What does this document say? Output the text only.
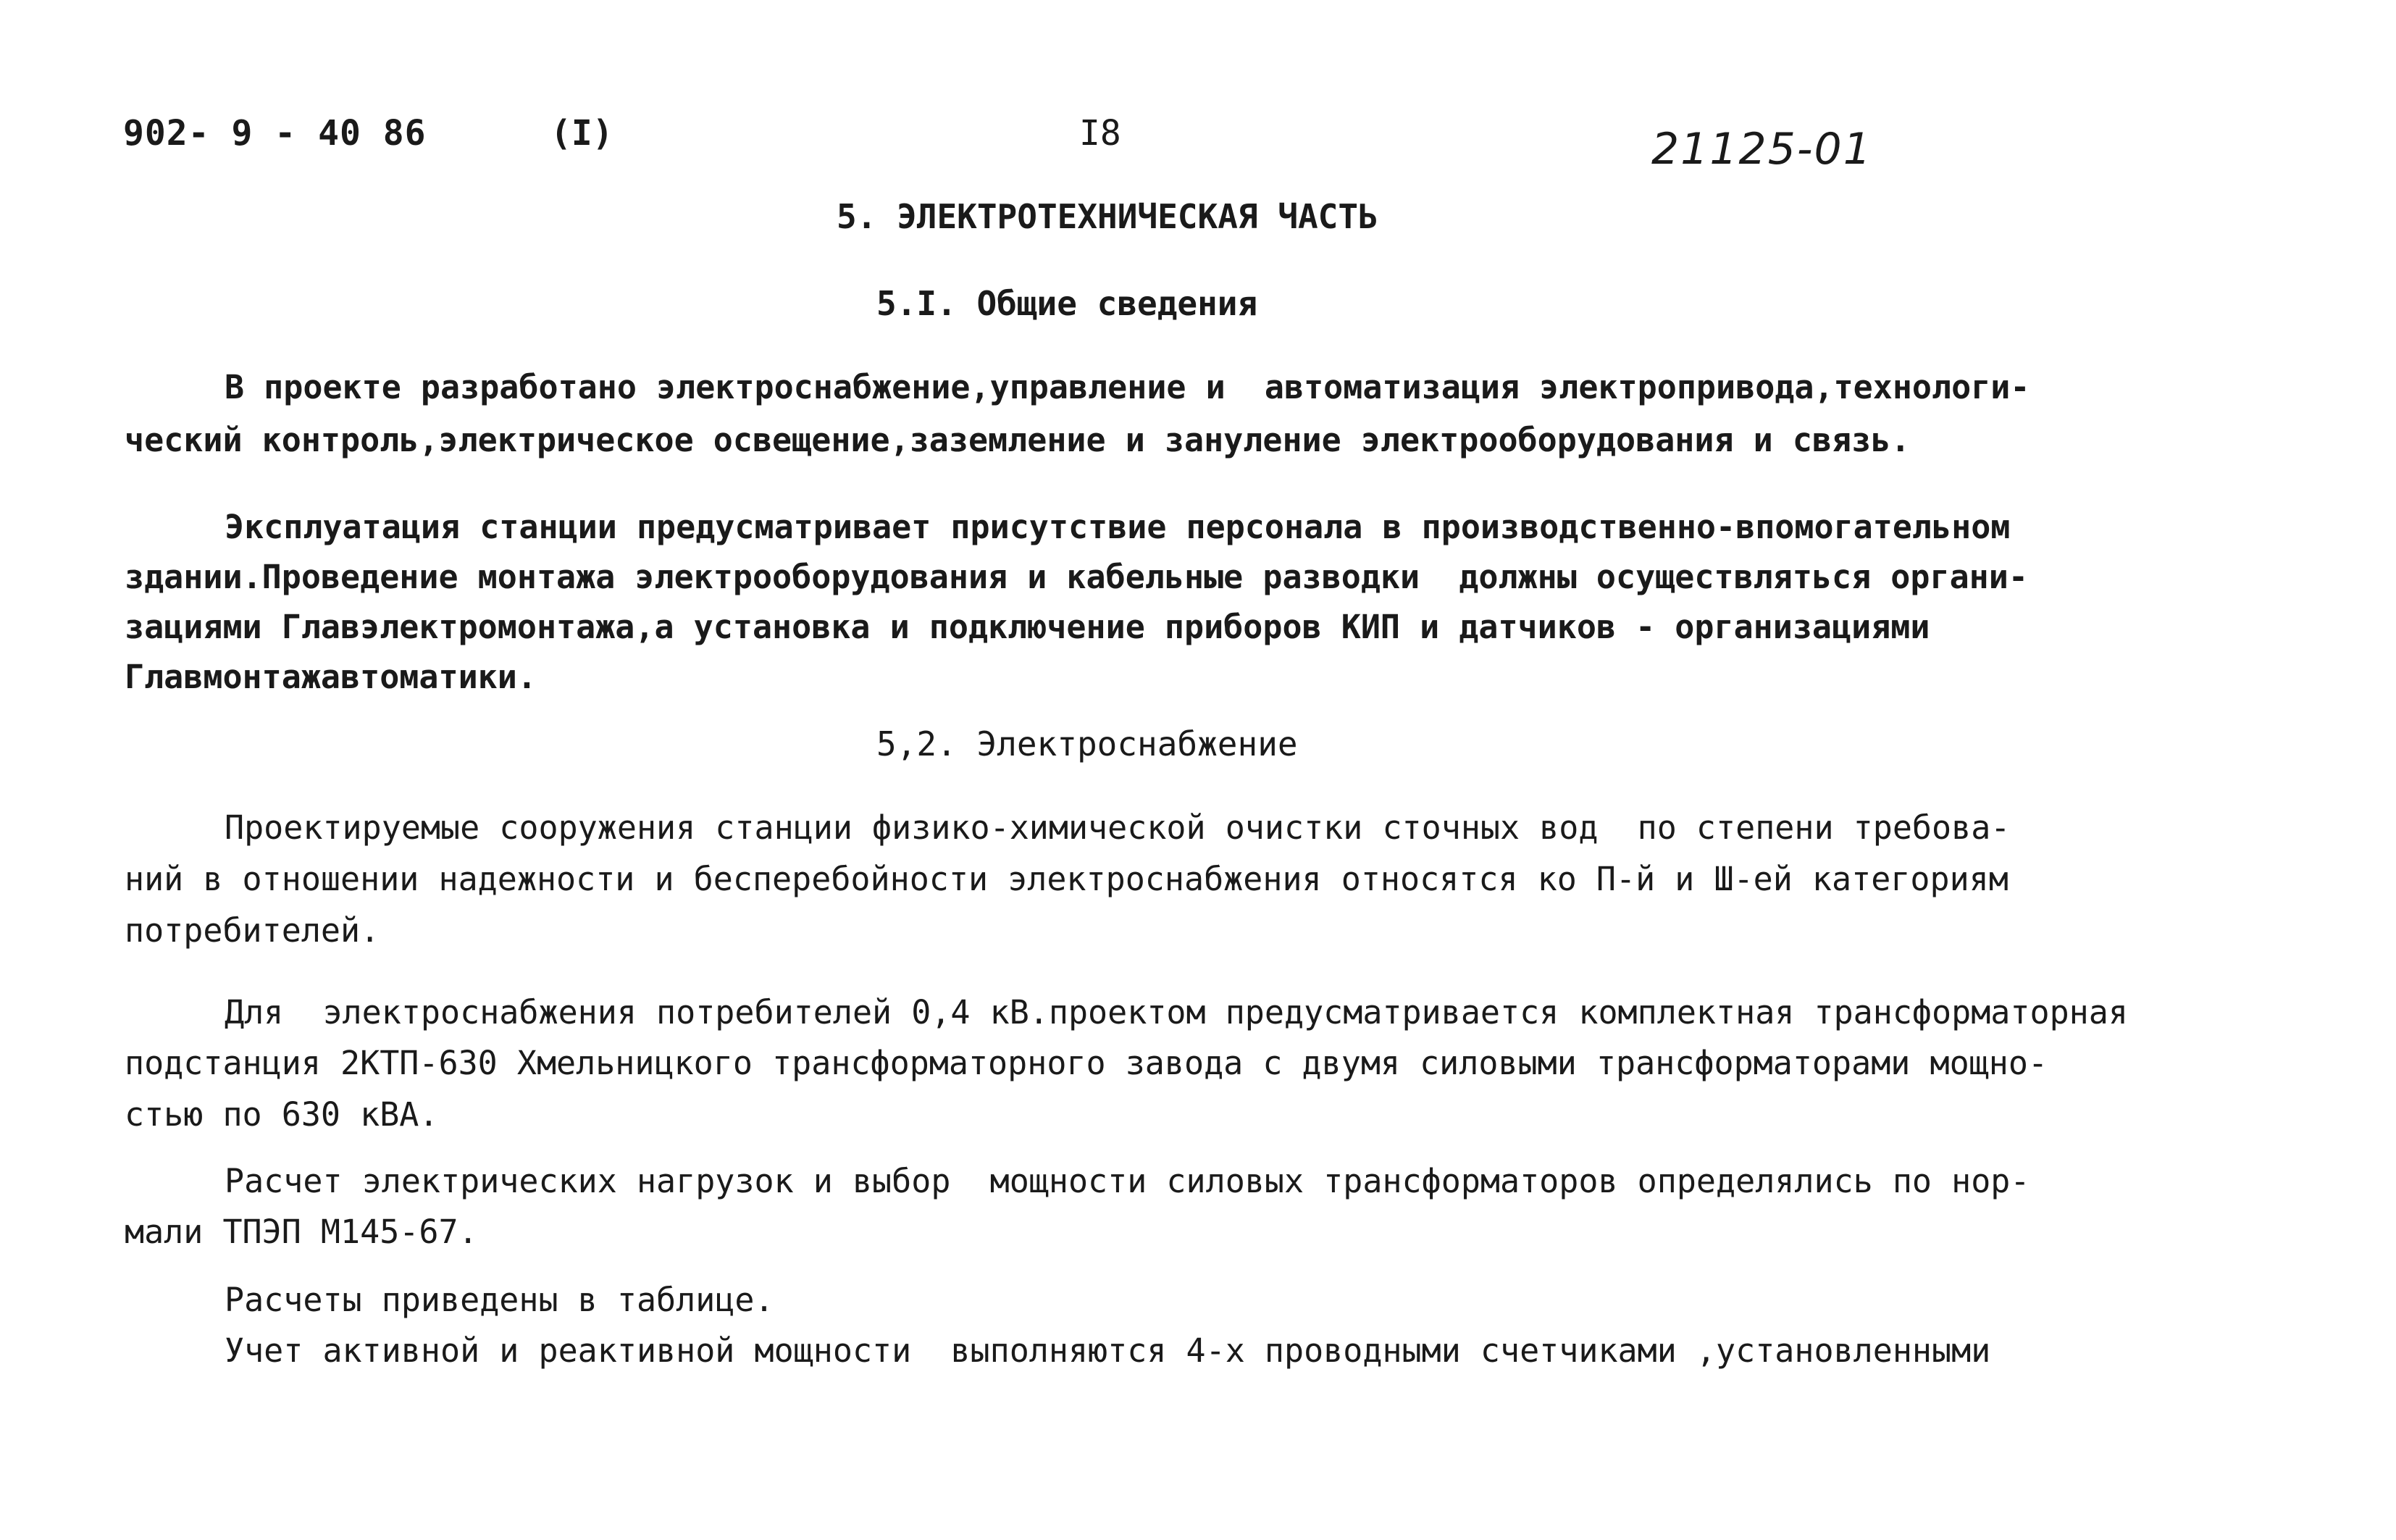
902- 9 - 40 86	(I)	I8	21125-01
5. ЭЛЕКТРОТЕХНИЧЕСКАЯ ЧАСТЬ
5.I. Общие сведения
В проекте разработано электроснабжение,управление и  автоматизация электропривода,технологи-
ческий контроль,электрическое освещение,заземление и зануление электрооборудования и связь.
Эксплуатация станции предусматривает присутствие персонала в производственно-впомогательном
здании.Проведение монтажа электрооборудования и кабельные разводки  должны осуществляться органи-
зациями Главэлектромонтажа,а установка и подключение приборов КИП и датчиков - организациями
Главмонтажавтоматики.
5,2. Электроснабжение
Проектируемые сооружения станции физико-химической очистки сточных вод  по степени требова-
ний в отношении надежности и бесперебойности электроснабжения относятся ко П-й и Ш-ей категориям
потребителей.
Для  электроснабжения потребителей 0,4 кВ.проектом предусматривается комплектная трансформаторная
подстанция 2КТП-630 Хмельницкого трансформаторного завода с двумя силовыми трансформаторами мощно-
стью по 630 кВА.
Расчет электрических нагрузок и выбор  мощности силовых трансформаторов определялись по нор-
мали ТПЭП М145-67.
Расчеты приведены в таблице.
Учет активной и реактивной мощности  выполняются 4-х проводными счетчиками ,установленными
